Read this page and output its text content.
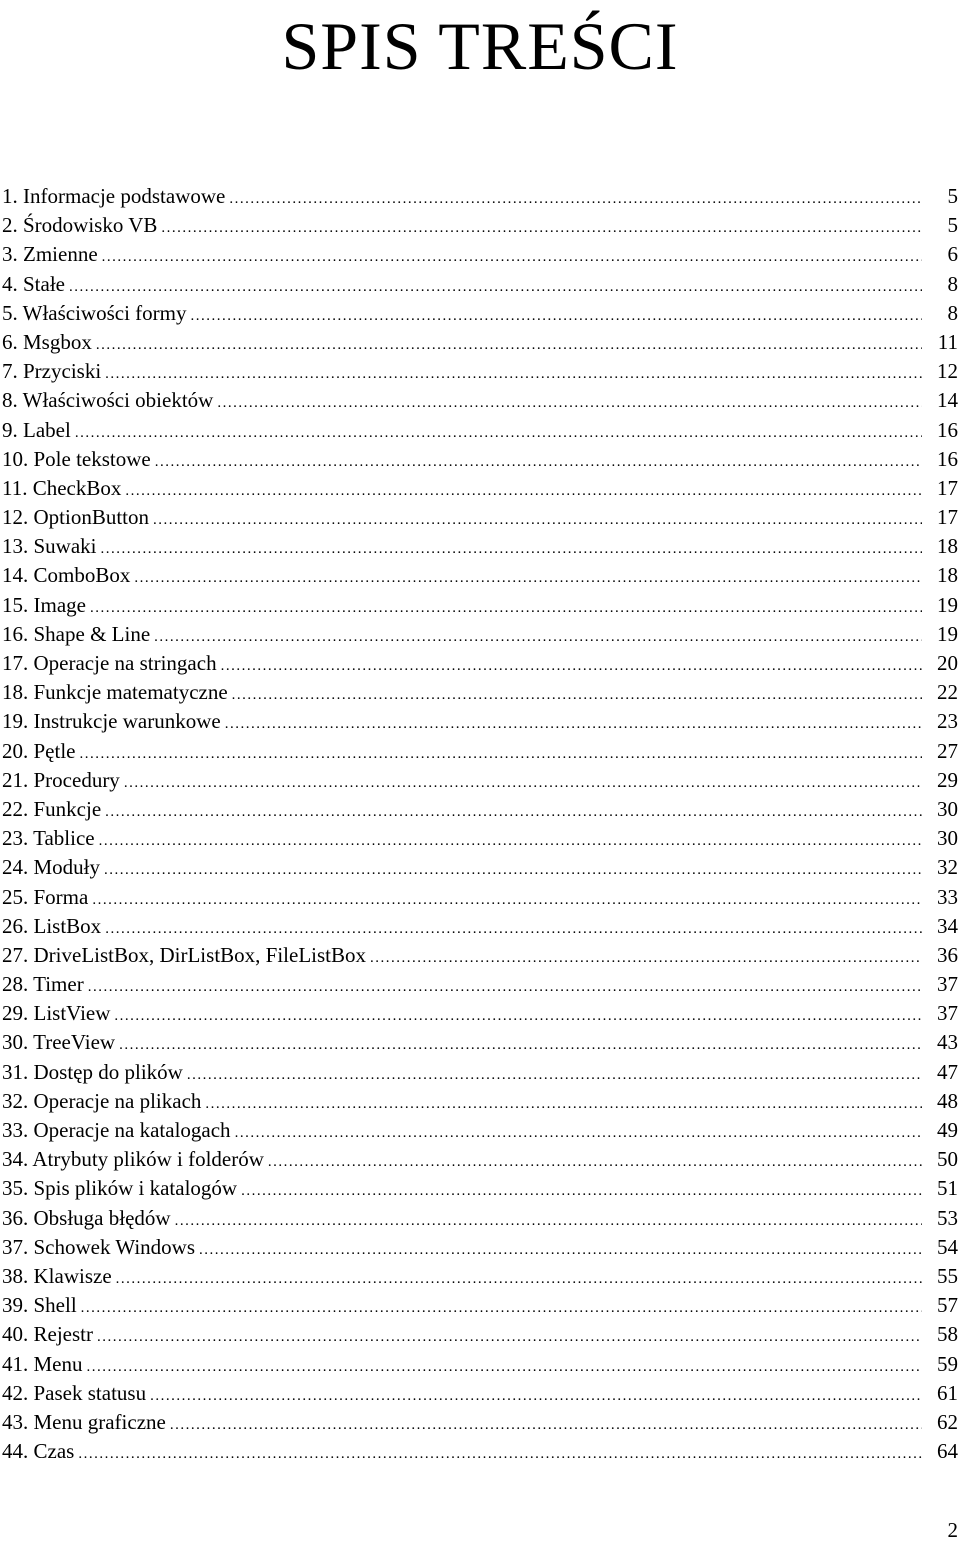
SPIS TREŚCI
1. Informacje podstawowe .....	5
2. Środowisko VB .....	5
3. Zmienne .....	6
4. Stałe .....	8
5. Właściwości formy .....	8
6. Msgbox .....	11
7. Przyciski .....	12
8. Właściwości obiektów .....	14
9. Label .....	16
10. Pole tekstowe .....	16
11. CheckBox .....	17
12. OptionButton .....	17
13. Suwaki .....	18
14. ComboBox .....	18
15. Image .....	19
16. Shape & Line .....	19
17. Operacje na stringach .....	20
18. Funkcje matematyczne .....	22
19. Instrukcje warunkowe .....	23
20. Pętle .....	27
21. Procedury .....	29
22. Funkcje .....	30
23. Tablice .....	30
24. Moduły .....	32
25. Forma .....	33
26. ListBox .....	34
27. DriveListBox, DirListBox, FileListBox .....	36
28. Timer .....	37
29. ListView .....	37
30. TreeView .....	43
31. Dostęp do plików .....	47
32. Operacje na plikach .....	48
33. Operacje na katalogach .....	49
34. Atrybuty plików i folderów .....	50
35. Spis plików i katalogów .....	51
36. Obsługa błędów .....	53
37. Schowek Windows .....	54
38. Klawisze .....	55
39. Shell .....	57
40. Rejestr .....	58
41. Menu .....	59
42. Pasek statusu .....	61
43. Menu graficzne .....	62
44. Czas .....	64
2
